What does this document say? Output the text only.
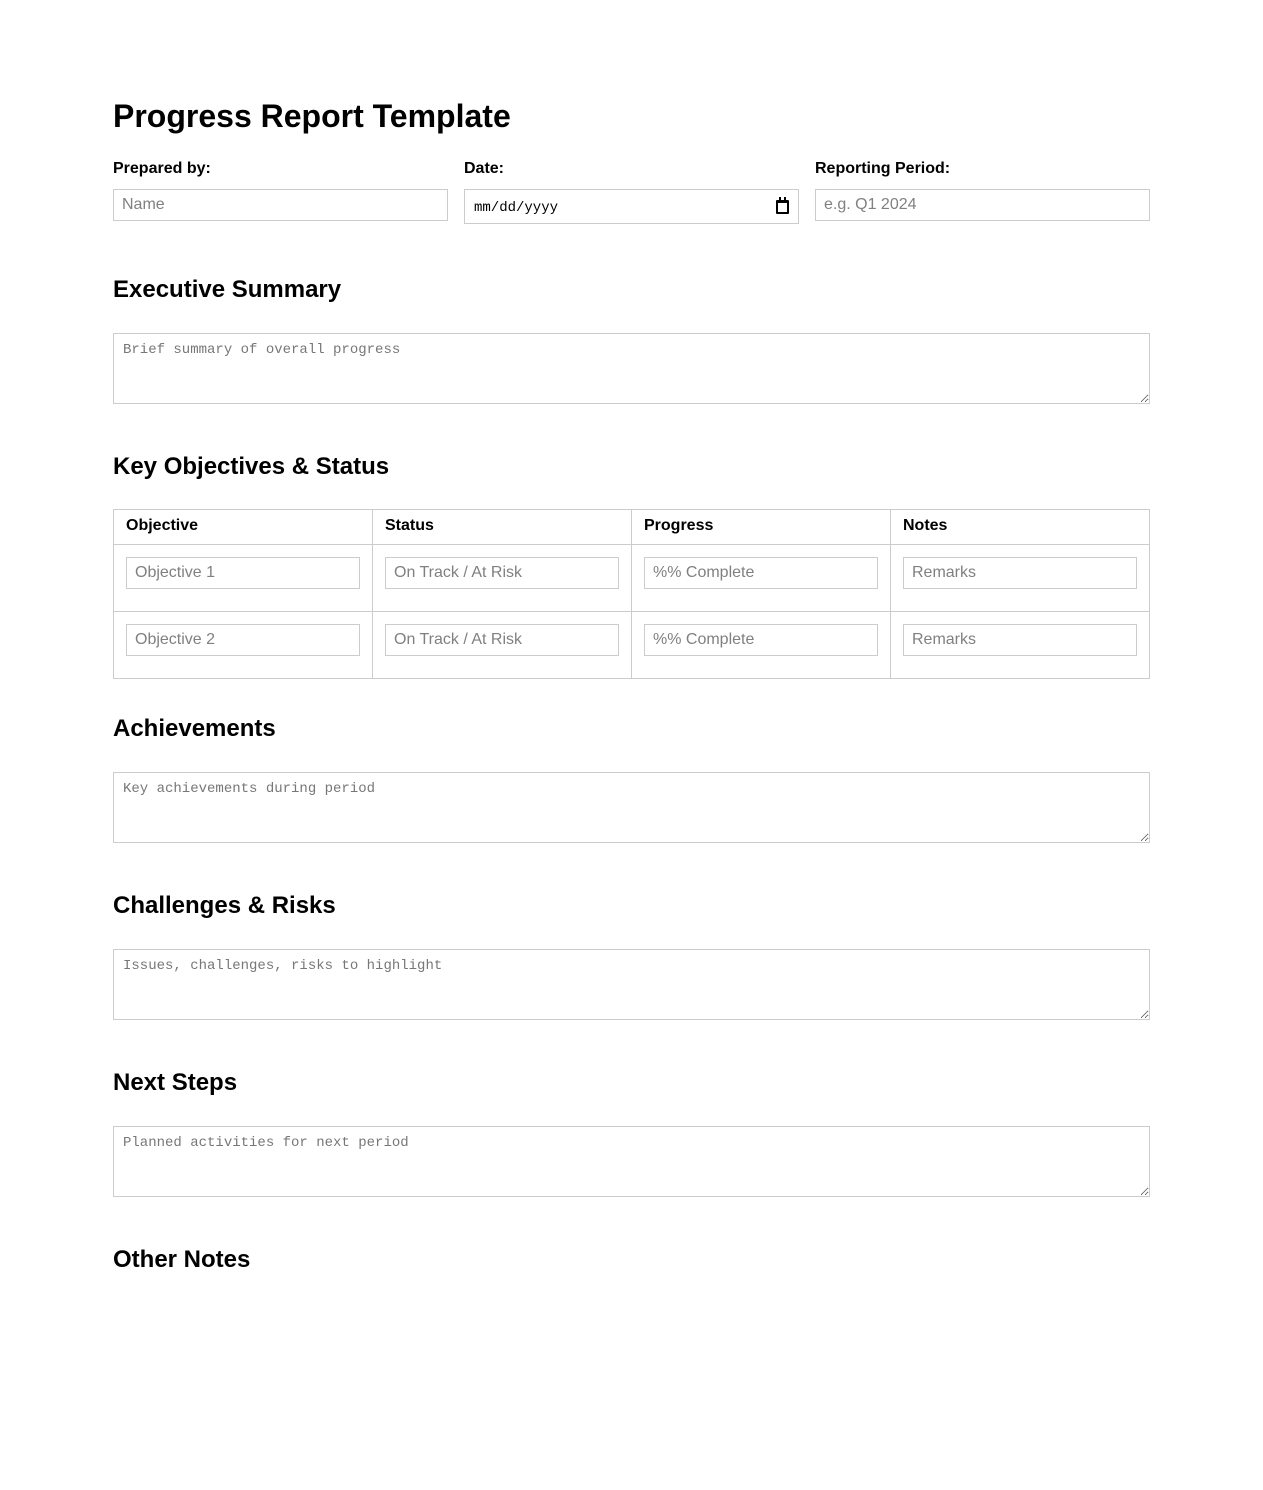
Progress Report Template
Prepared by:
Name	Date:
mm/dd/yyyy
Reporting Period:
e.g. Q1 2024
Executive Summary
Brief summary of overall progress
Key Objectives & Status
Objective	Status	Progress	Notes
Objective 1	On Track / At Risk	%% Complete	Remarks
Objective 2	On Track / At Risk	%% Complete	Remarks
Achievements
Key achievements during period
Challenges & Risks
Issues, challenges, risks to highlight
Next Steps
Planned activities for next period
Other Notes
